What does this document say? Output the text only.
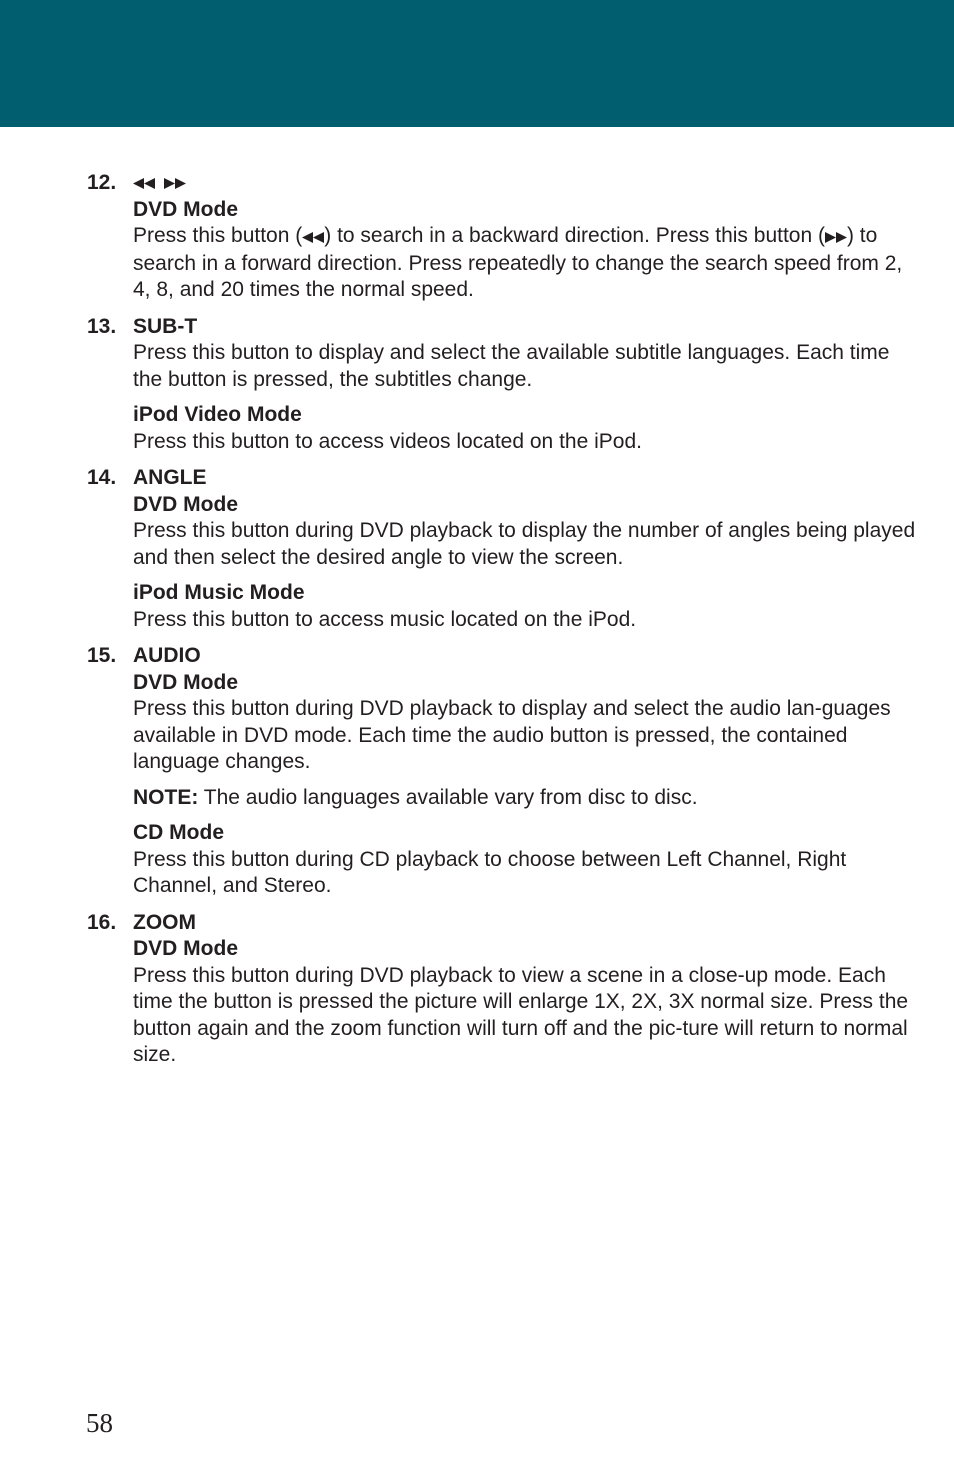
12.
DVD Mode

Press this button ( ) to search in a backward direction. Press this button ( ) to search in a forward direction. Press repeatedly to change the search speed from 2, 4, 8, and 20 times the normal speed.

13. SUB-T

Press this button to display and select the available subtitle languages. Each time the button is pressed, the subtitles change.

iPod Video Mode

Press this button to access videos located on the iPod.

14. ANGLE
DVD Mode

Press this button during DVD playback to display the number of angles being played and then select the desired angle to view the screen.

iPod Music Mode

Press this button to access music located on the iPod.

15. AUDIO
DVD Mode

Press this button during DVD playback to display and select the audio lan-guages available in DVD mode. Each time the audio button is pressed, the contained language changes.

NOTE: The audio languages available vary from disc to disc.

CD Mode

Press this button during CD playback to choose between Left Channel, Right Channel, and Stereo.

16. ZOOM
DVD Mode

Press this button during DVD playback to view a scene in a close-up mode. Each time the button is pressed the picture will enlarge 1X, 2X, 3X normal size. Press the button again and the zoom function will turn off and the pic-ture will return to normal size.

58
